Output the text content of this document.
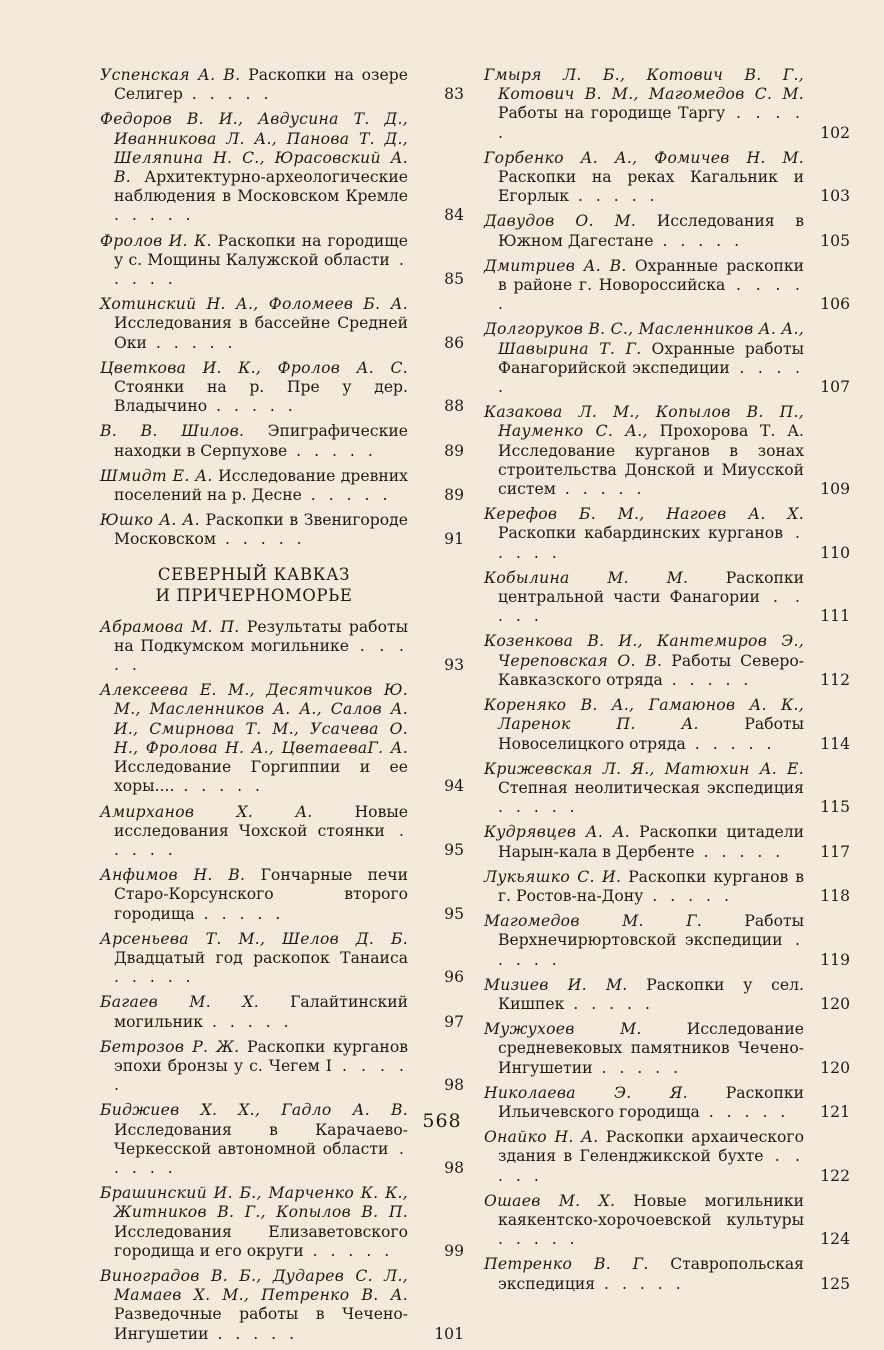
Успенская А. В. Раскопки на озере Селигер . . . . .	83
Федоров В. И., Авдусина Т. Д., Иванникова Л. А., Панова Т. Д., Шеляпина Н. С., Юрасовский А. В. Архитектурно-археологические наблюдения в Московском Кремле . . . . .	84
Фролов И. К. Раскопки на городище у с. Мощины Калужской области . . . . .	85
Хотинский Н. А., Фоломеев Б. А. Исследования в бассейне Средней Оки . . . . .	86
Цветкова И. К., Фролов А. С. Стоянки на р. Пре у дер. Владычино . . . . .	88
В. В. Шилов. Эпиграфические находки в Серпухове . . . . .	89
Шмидт Е. А. Исследование древних поселений на р. Десне . . . . .	89
Юшко А. А. Раскопки в Звенигороде Московском . . . . .	91
СЕВЕРНЫЙ КАВКАЗ
И ПРИЧЕРНОМОРЬЕ
Абрамова М. П. Результаты работы на Подкумском могильнике . . . . .	93
Алексеева Е. М., Десятчиков Ю. М., Масленников А. А., Салов А. И., Смирнова Т. М., Усачева О. Н., Фролова Н. А., ЦветаеваГ. А. Исследование Горгиппии и ее хоры.... . . . . .	94
Амирханов Х. А.	Новые исследования Чохской стоянки . . . . .	95
Анфимов Н. В. Гончарные печи Старо-Корсунского второго городища . . . . .	95
Арсеньева Т. М., Шелов Д. Б. Двадцатый год раскопок Танаиса . . . . .	96
Багаев М. Х. Галайтинский могильник . . . . .	97
Бетрозов Р. Ж. Раскопки курганов эпохи бронзы у с. Чегем I . . . . .	98
Биджиев Х. Х., Гадло А. В. Исследования в Карачаево-Черкесской автономной области . . . . .	98
Брашинский И. Б., Марченко К. К., Житников В. Г., Копылов В. П. Исследования Елизаветовского городища и его округи . . . . .	99
Виноградов В. Б., Дударев С. Л., Мамаев Х. М., Петренко В. А. Разведочные работы в Чечено-Ингушетии . . . . .	101
Гмыря Л. Б., Котович В. Г., Котович В. М., Магомедов С. М. Работы на городище Таргу . . . . .	102
Горбенко А. А., Фомичев Н. М. Раскопки на реках Кагальник и Егорлык . . . . .	103
Давудов О. М. Исследования в Южном Дагестане . . . . .	105
Дмитриев А. В. Охранные раскопки в районе г. Новороссийска . . . . .	106
Долгоруков В. С., Масленников А. А., Шавырина Т. Г. Охранные работы Фанагорийской экспедиции . . . . .	107
Казакова Л. М., Копылов В. П., Науменко С. А., Прохорова Т. А. Исследование курганов в зонах строительства Донской и Миусской систем . . . . .	109
Керефов Б. М., Нагоев А. Х. Раскопки кабардинских курганов . . . . .	110
Кобылина М. М. Раскопки центральной части Фанагории . . . . .	111
Козенкова В. И., Кантемиров Э., Череповская О. В. Работы Северо-Кавказского отряда . . . . .	112
Кореняко В. А., Гамаюнов А. К., Ларенок П. А.	Работы Новоселицкого отряда . . . . .	114
Крижевская Л. Я., Матюхин А. Е. Степная неолитическая экспедиция . . . . .	115
Кудрявцев А. А. Раскопки цитадели Нарын-кала в Дербенте . . . . .	117
Лукьяшко С. И. Раскопки курганов в г. Ростов-на-Дону . . . . .	118
Магомедов М. Г.	Работы Верхнечирюртовской экспедиции . . . . .	119
Мизиев И. М. Раскопки у сел. Кишпек . . . . .	120
Мужухоев М.	Исследование средневековых памятников Чечено-Ингушетии . . . . .	120
Николаева Э. Я. Раскопки Ильичевского городища . . . . .	121
Онайко Н. А. Раскопки архаического здания в Геленджикской бухте . . . . .	122
Ошаев М. Х. Новые могильники каякентско-хорочоевской культуры . . . . .	124
Петренко В. Г. Ставропольская экспедиция . . . . .	125
568
